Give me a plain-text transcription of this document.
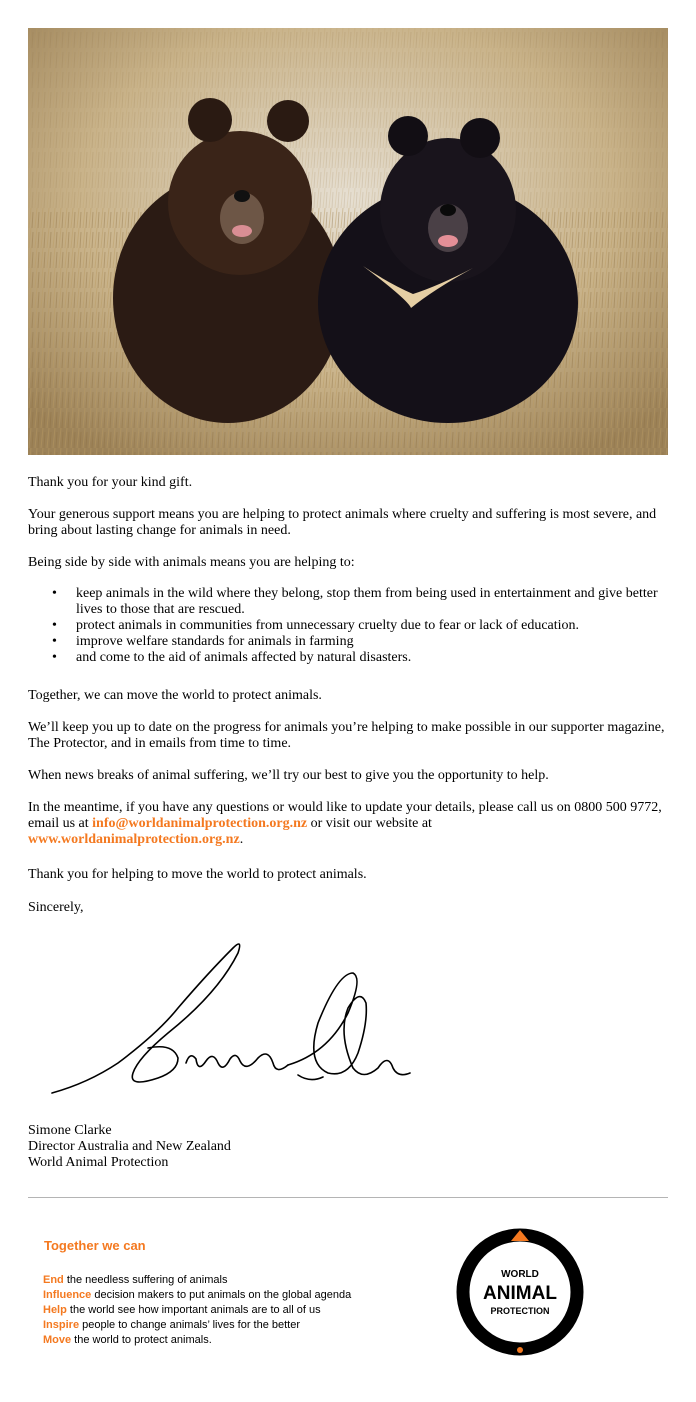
Thank you for your kind gift.

Your generous support means you are helping to protect animals where cruelty and suffering is most severe, and bring about lasting change for animals in need.

Being side by side with animals means you are helping to:

• keep animals in the wild where they belong, stop them from being used in entertainment and give better lives to those that are rescued.
• protect animals in communities from unnecessary cruelty due to fear or lack of education.
• improve welfare standards for animals in farming
• and come to the aid of animals affected by natural disasters.

Together, we can move the world to protect animals.

We’ll keep you up to date on the progress for animals you’re helping to make possible in our supporter magazine, The Protector, and in emails from time to time.

When news breaks of animal suffering, we’ll try our best to give you the opportunity to help.

In the meantime, if you have any questions or would like to update your details, please call us on 0800 500 9772, email us at info@worldanimalprotection.org.nz or visit our website at
www.worldanimalprotection.org.nz.

Thank you for helping to move the world to protect animals.

Sincerely,

Simone Clarke

Director Australia and New Zealand

World Animal Protection

Together we can
End the needless suffering of animals
Influence decision makers to put animals on the global agenda
Help the world see how important animals are to all of us
Inspire people to change animals’ lives for the better
Move the world to protect animals.
WORLD
ANIMAL
PROTECTION
